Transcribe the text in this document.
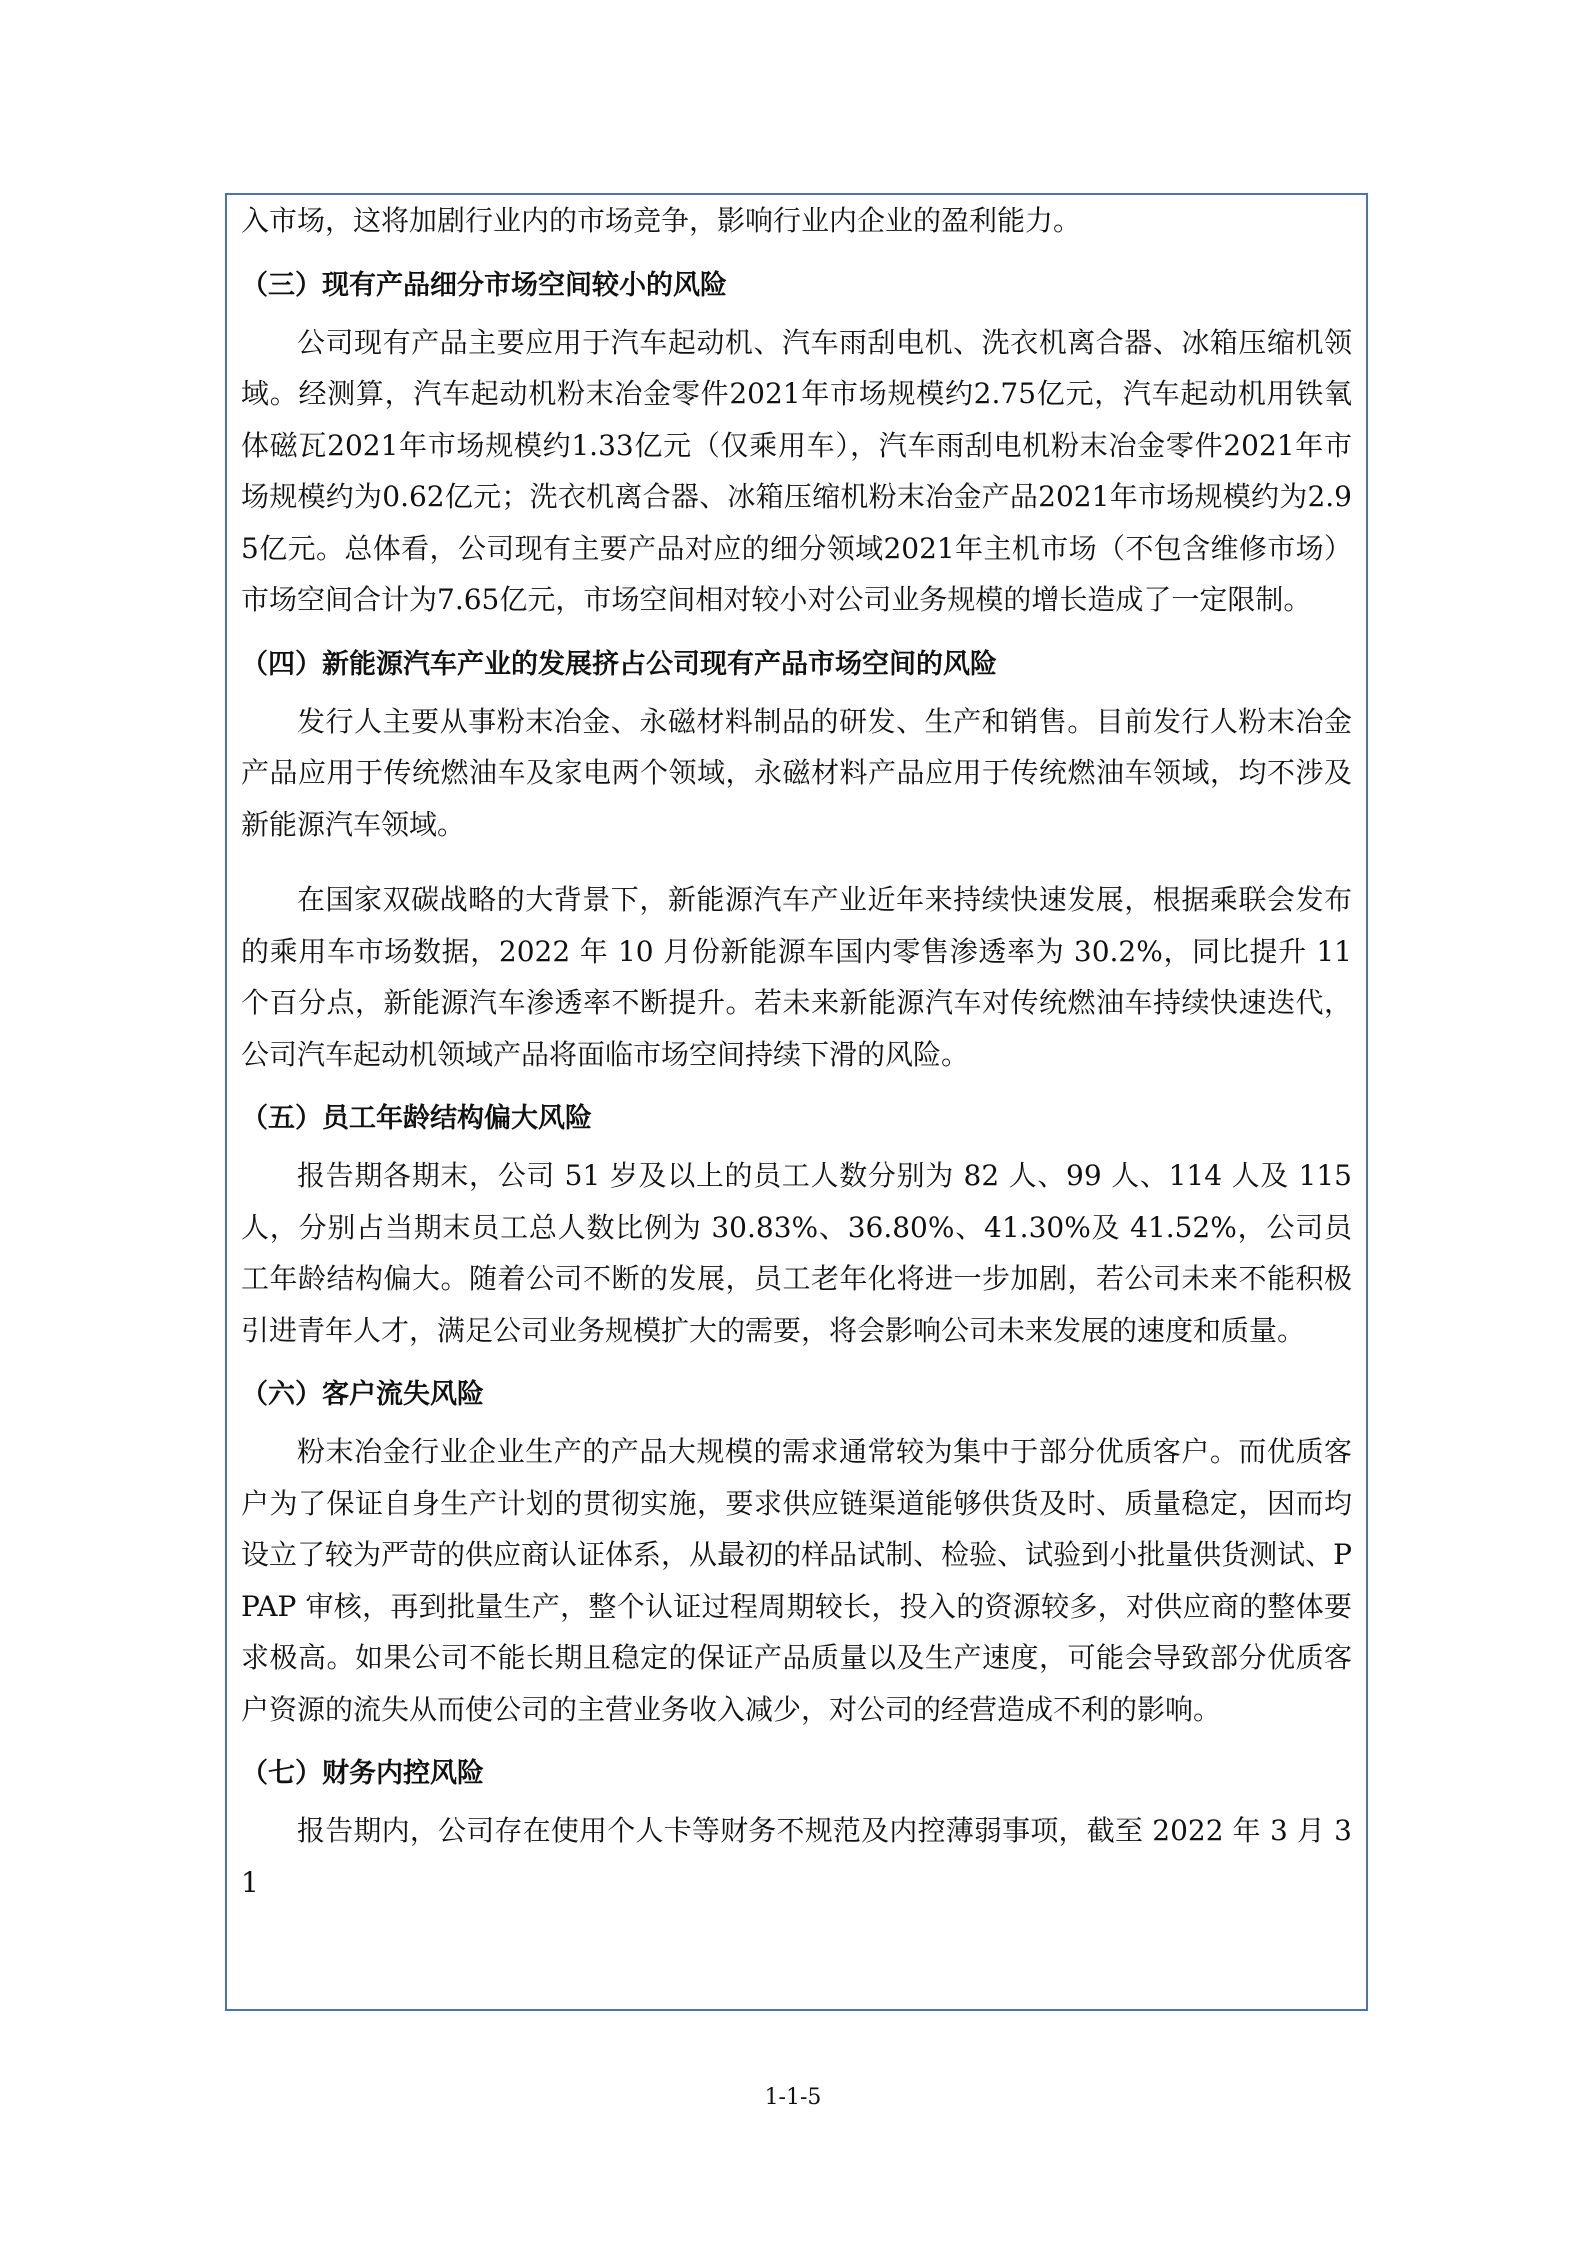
入市场，这将加剧行业内的市场竞争，影响行业内企业的盈利能力。

（三）现有产品细分市场空间较小的风险

公司现有产品主要应用于汽车起动机、汽车雨刮电机、洗衣机离合器、冰箱压缩机领域。经测算，汽车起动机粉末冶金零件2021年市场规模约2.75亿元，汽车起动机用铁氧体磁瓦2021年市场规模约1.33亿元（仅乘用车），汽车雨刮电机粉末冶金零件2021年市场规模约为0.62亿元；洗衣机离合器、冰箱压缩机粉末冶金产品2021年市场规模约为2.95亿元。总体看，公司现有主要产品对应的细分领域2021年主机市场（不包含维修市场）市场空间合计为7.65亿元，市场空间相对较小对公司业务规模的增长造成了一定限制。

（四）新能源汽车产业的发展挤占公司现有产品市场空间的风险

发行人主要从事粉末冶金、永磁材料制品的研发、生产和销售。目前发行人粉末冶金产品应用于传统燃油车及家电两个领域，永磁材料产品应用于传统燃油车领域，均不涉及新能源汽车领域。

在国家双碳战略的大背景下，新能源汽车产业近年来持续快速发展，根据乘联会发布的乘用车市场数据，2022 年 10 月份新能源车国内零售渗透率为 30.2%，同比提升 11 个百分点，新能源汽车渗透率不断提升。若未来新能源汽车对传统燃油车持续快速迭代，公司汽车起动机领域产品将面临市场空间持续下滑的风险。

（五）员工年龄结构偏大风险

报告期各期末，公司 51 岁及以上的员工人数分别为 82 人、99 人、114 人及 115 人，分别占当期末员工总人数比例为 30.83%、36.80%、41.30%及 41.52%，公司员工年龄结构偏大。随着公司不断的发展，员工老年化将进一步加剧，若公司未来不能积极引进青年人才，满足公司业务规模扩大的需要，将会影响公司未来发展的速度和质量。

（六）客户流失风险

粉末冶金行业企业生产的产品大规模的需求通常较为集中于部分优质客户。而优质客户为了保证自身生产计划的贯彻实施，要求供应链渠道能够供货及时、质量稳定，因而均设立了较为严苛的供应商认证体系，从最初的样品试制、检验、试验到小批量供货测试、PPAP 审核，再到批量生产，整个认证过程周期较长，投入的资源较多，对供应商的整体要求极高。如果公司不能长期且稳定的保证产品质量以及生产速度，可能会导致部分优质客户资源的流失从而使公司的主营业务收入减少，对公司的经营造成不利的影响。

（七）财务内控风险

报告期内，公司存在使用个人卡等财务不规范及内控薄弱事项，截至 2022 年 3 月 31

1-1-5
